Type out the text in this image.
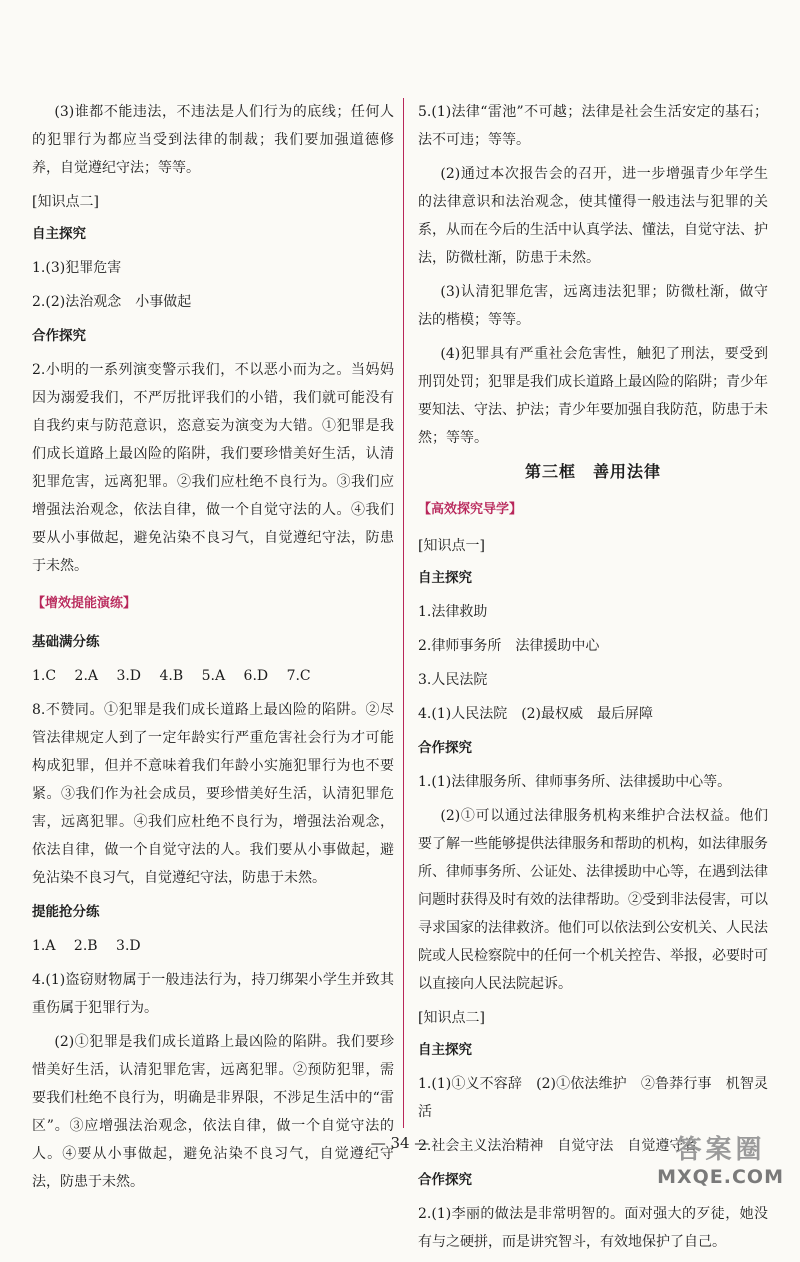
(3)谁都不能违法，不违法是人们行为的底线；任何人的犯罪行为都应当受到法律的制裁；我们要加强道德修养，自觉遵纪守法；等等。
[知识点二]
自主探究
1.(3)犯罪危害
2.(2)法治观念　小事做起
合作探究
2.小明的一系列演变警示我们，不以恶小而为之。当妈妈因为溺爱我们，不严厉批评我们的小错，我们就可能没有自我约束与防范意识，恣意妄为演变为大错。①犯罪是我们成长道路上最凶险的陷阱，我们要珍惜美好生活，认清犯罪危害，远离犯罪。②我们应杜绝不良行为。③我们应增强法治观念，依法自律，做一个自觉守法的人。④我们要从小事做起，避免沾染不良习气，自觉遵纪守法，防患于未然。
【增效提能演练】
基础满分练
1.C 2.A 3.D 4.B 5.A 6.D 7.C
8.不赞同。①犯罪是我们成长道路上最凶险的陷阱。②尽管法律规定人到了一定年龄实行严重危害社会行为才可能构成犯罪，但并不意味着我们年龄小实施犯罪行为也不要紧。③我们作为社会成员，要珍惜美好生活，认清犯罪危害，远离犯罪。④我们应杜绝不良行为，增强法治观念，依法自律，做一个自觉守法的人。我们要从小事做起，避免沾染不良习气，自觉遵纪守法，防患于未然。
提能抢分练
1.A 2.B 3.D
4.(1)盗窃财物属于一般违法行为，持刀绑架小学生并致其重伤属于犯罪行为。
(2)①犯罪是我们成长道路上最凶险的陷阱。我们要珍惜美好生活，认清犯罪危害，远离犯罪。②预防犯罪，需要我们杜绝不良行为，明确是非界限，不涉足生活中的“雷区”。③应增强法治观念，依法自律，做一个自觉守法的人。④要从小事做起，避免沾染不良习气，自觉遵纪守法，防患于未然。
5.(1)法律“雷池”不可越；法律是社会生活安定的基石；法不可违；等等。
(2)通过本次报告会的召开，进一步增强青少年学生的法律意识和法治观念，使其懂得一般违法与犯罪的关系，从而在今后的生活中认真学法、懂法，自觉守法、护法，防微杜渐，防患于未然。
(3)认清犯罪危害，远离违法犯罪；防微杜渐，做守法的楷模；等等。
(4)犯罪具有严重社会危害性，触犯了刑法，要受到刑罚处罚；犯罪是我们成长道路上最凶险的陷阱；青少年要知法、守法、护法；青少年要加强自我防范，防患于未然；等等。
第三框　善用法律
【高效探究导学】
[知识点一]
自主探究
1.法律救助
2.律师事务所　法律援助中心
3.人民法院
4.(1)人民法院　(2)最权威　最后屏障
合作探究
1.(1)法律服务所、律师事务所、法律援助中心等。
(2)①可以通过法律服务机构来维护合法权益。他们要了解一些能够提供法律服务和帮助的机构，如法律服务所、律师事务所、公证处、法律援助中心等，在遇到法律问题时获得及时有效的法律帮助。②受到非法侵害，可以寻求国家的法律救济。他们可以依法到公安机关、人民法院或人民检察院中的任何一个机关控告、举报，必要时可以直接向人民法院起诉。
[知识点二]
自主探究
1.(1)①义不容辞　(2)①依法维护　②鲁莽行事　机智灵活
2.社会主义法治精神　自觉守法　自觉遵守者
合作探究
2.(1)李丽的做法是非常明智的。面对强大的歹徒，她没有与之硬拼，而是讲究智斗，有效地保护了自己。
— 34 —	答案圈
MXQE.COM
